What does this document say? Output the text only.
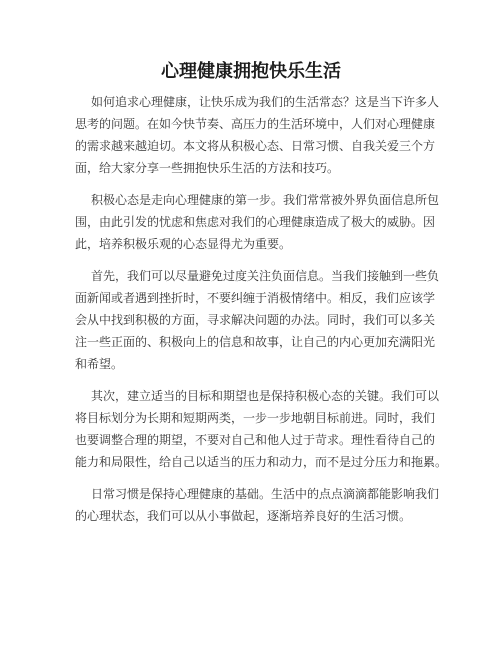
心理健康拥抱快乐生活
如何追求心理健康，让快乐成为我们的生活常态？这是当下许多人
思考的问题。在如今快节奏、高压力的生活环境中，人们对心理健康
的需求越来越迫切。本文将从积极心态、日常习惯、自我关爱三个方
面，给大家分享一些拥抱快乐生活的方法和技巧。
积极心态是走向心理健康的第一步。我们常常被外界负面信息所包
围，由此引发的忧虑和焦虑对我们的心理健康造成了极大的威胁。因
此，培养积极乐观的心态显得尤为重要。
首先，我们可以尽量避免过度关注负面信息。当我们接触到一些负
面新闻或者遇到挫折时，不要纠缠于消极情绪中。相反，我们应该学
会从中找到积极的方面，寻求解决问题的办法。同时，我们可以多关
注一些正面的、积极向上的信息和故事，让自己的内心更加充满阳光
和希望。
其次，建立适当的目标和期望也是保持积极心态的关键。我们可以
将目标划分为长期和短期两类，一步一步地朝目标前进。同时，我们
也要调整合理的期望，不要对自己和他人过于苛求。理性看待自己的
能力和局限性，给自己以适当的压力和动力，而不是过分压力和拖累。
日常习惯是保持心理健康的基础。生活中的点点滴滴都能影响我们
的心理状态，我们可以从小事做起，逐渐培养良好的生活习惯。
